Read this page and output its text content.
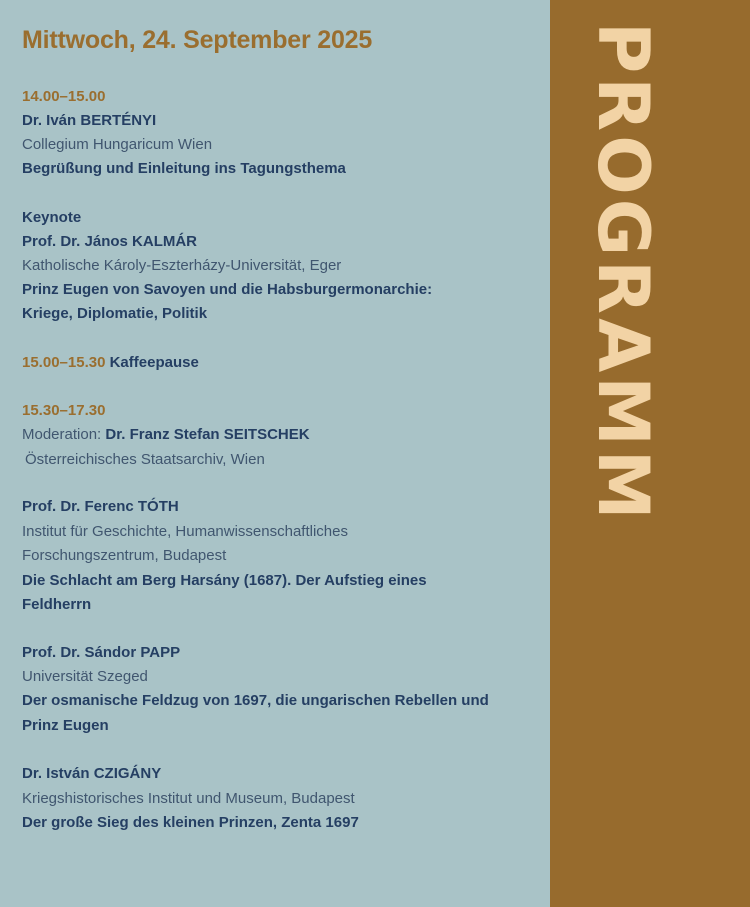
PROGRAMM
Mittwoch, 24. September 2025
14.00–15.00
Dr. Iván BERTÉNYI
Collegium Hungaricum Wien
Begrüßung und Einleitung ins Tagungsthema
Keynote
Prof. Dr. János KALMÁR
Katholische Károly-Eszterházy-Universität, Eger
Prinz Eugen von Savoyen und die Habsburgermonarchie:
Kriege, Diplomatie, Politik
15.00–15.30 Kaffeepause
15.30–17.30
Moderation: Dr. Franz Stefan SEITSCHEK
Österreichisches Staatsarchiv, Wien
Prof. Dr. Ferenc TÓTH
Institut für Geschichte, Humanwissenschaftliches
Forschungszentrum, Budapest
Die Schlacht am Berg Harsány (1687). Der Aufstieg eines
Feldherrn
Prof. Dr. Sándor PAPP
Universität Szeged
Der osmanische Feldzug von 1697, die ungarischen Rebellen und
Prinz Eugen
Dr. István CZIGÁNY
Kriegshistorisches Institut und Museum, Budapest
Der große Sieg des kleinen Prinzen, Zenta 1697
